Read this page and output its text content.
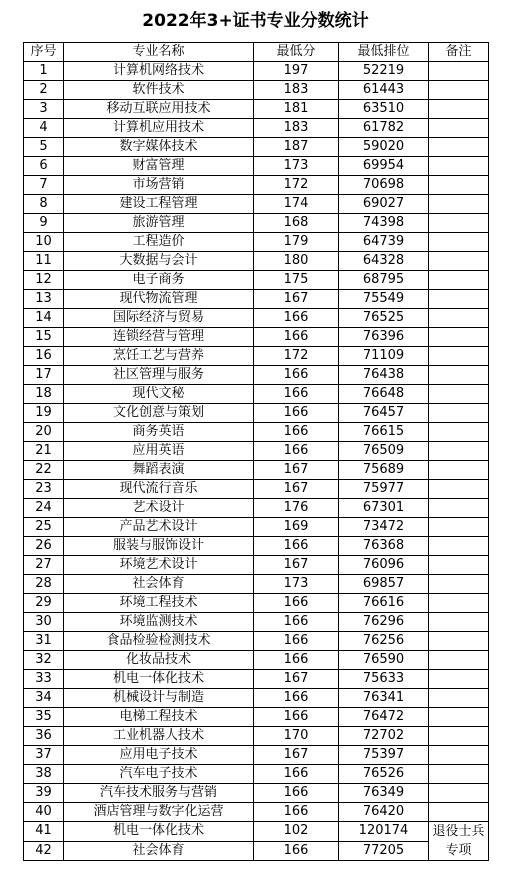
2022年3+证书专业分数统计
序号	专业名称	最低分	最低排位	备注
1	计算机网络技术	197	52219	
2	软件技术	183	61443	
3	移动互联应用技术	181	63510	
4	计算机应用技术	183	61782	
5	数字媒体技术	187	59020	
6	财富管理	173	69954	
7	市场营销	172	70698	
8	建设工程管理	174	69027	
9	旅游管理	168	74398	
10	工程造价	179	64739	
11	大数据与会计	180	64328	
12	电子商务	175	68795	
13	现代物流管理	167	75549	
14	国际经济与贸易	166	76525	
15	连锁经营与管理	166	76396	
16	烹饪工艺与营养	172	71109	
17	社区管理与服务	166	76438	
18	现代文秘	166	76648	
19	文化创意与策划	166	76457	
20	商务英语	166	76615	
21	应用英语	166	76509	
22	舞蹈表演	167	75689	
23	现代流行音乐	167	75977	
24	艺术设计	176	67301	
25	产品艺术设计	169	73472	
26	服装与服饰设计	166	76368	
27	环境艺术设计	167	76096	
28	社会体育	173	69857	
29	环境工程技术	166	76616	
30	环境监测技术	166	76296	
31	食品检验检测技术	166	76256	
32	化妆品技术	166	76590	
33	机电一体化技术	167	75633	
34	机械设计与制造	166	76341	
35	电梯工程技术	166	76472	
36	工业机器人技术	170	72702	
37	应用电子技术	167	75397	
38	汽车电子技术	166	76526	
39	汽车技术服务与营销	166	76349	
40	酒店管理与数字化运营	166	76420	
41	机电一体化技术	102	120174	退役士兵专项
42	社会体育	166	77205	
